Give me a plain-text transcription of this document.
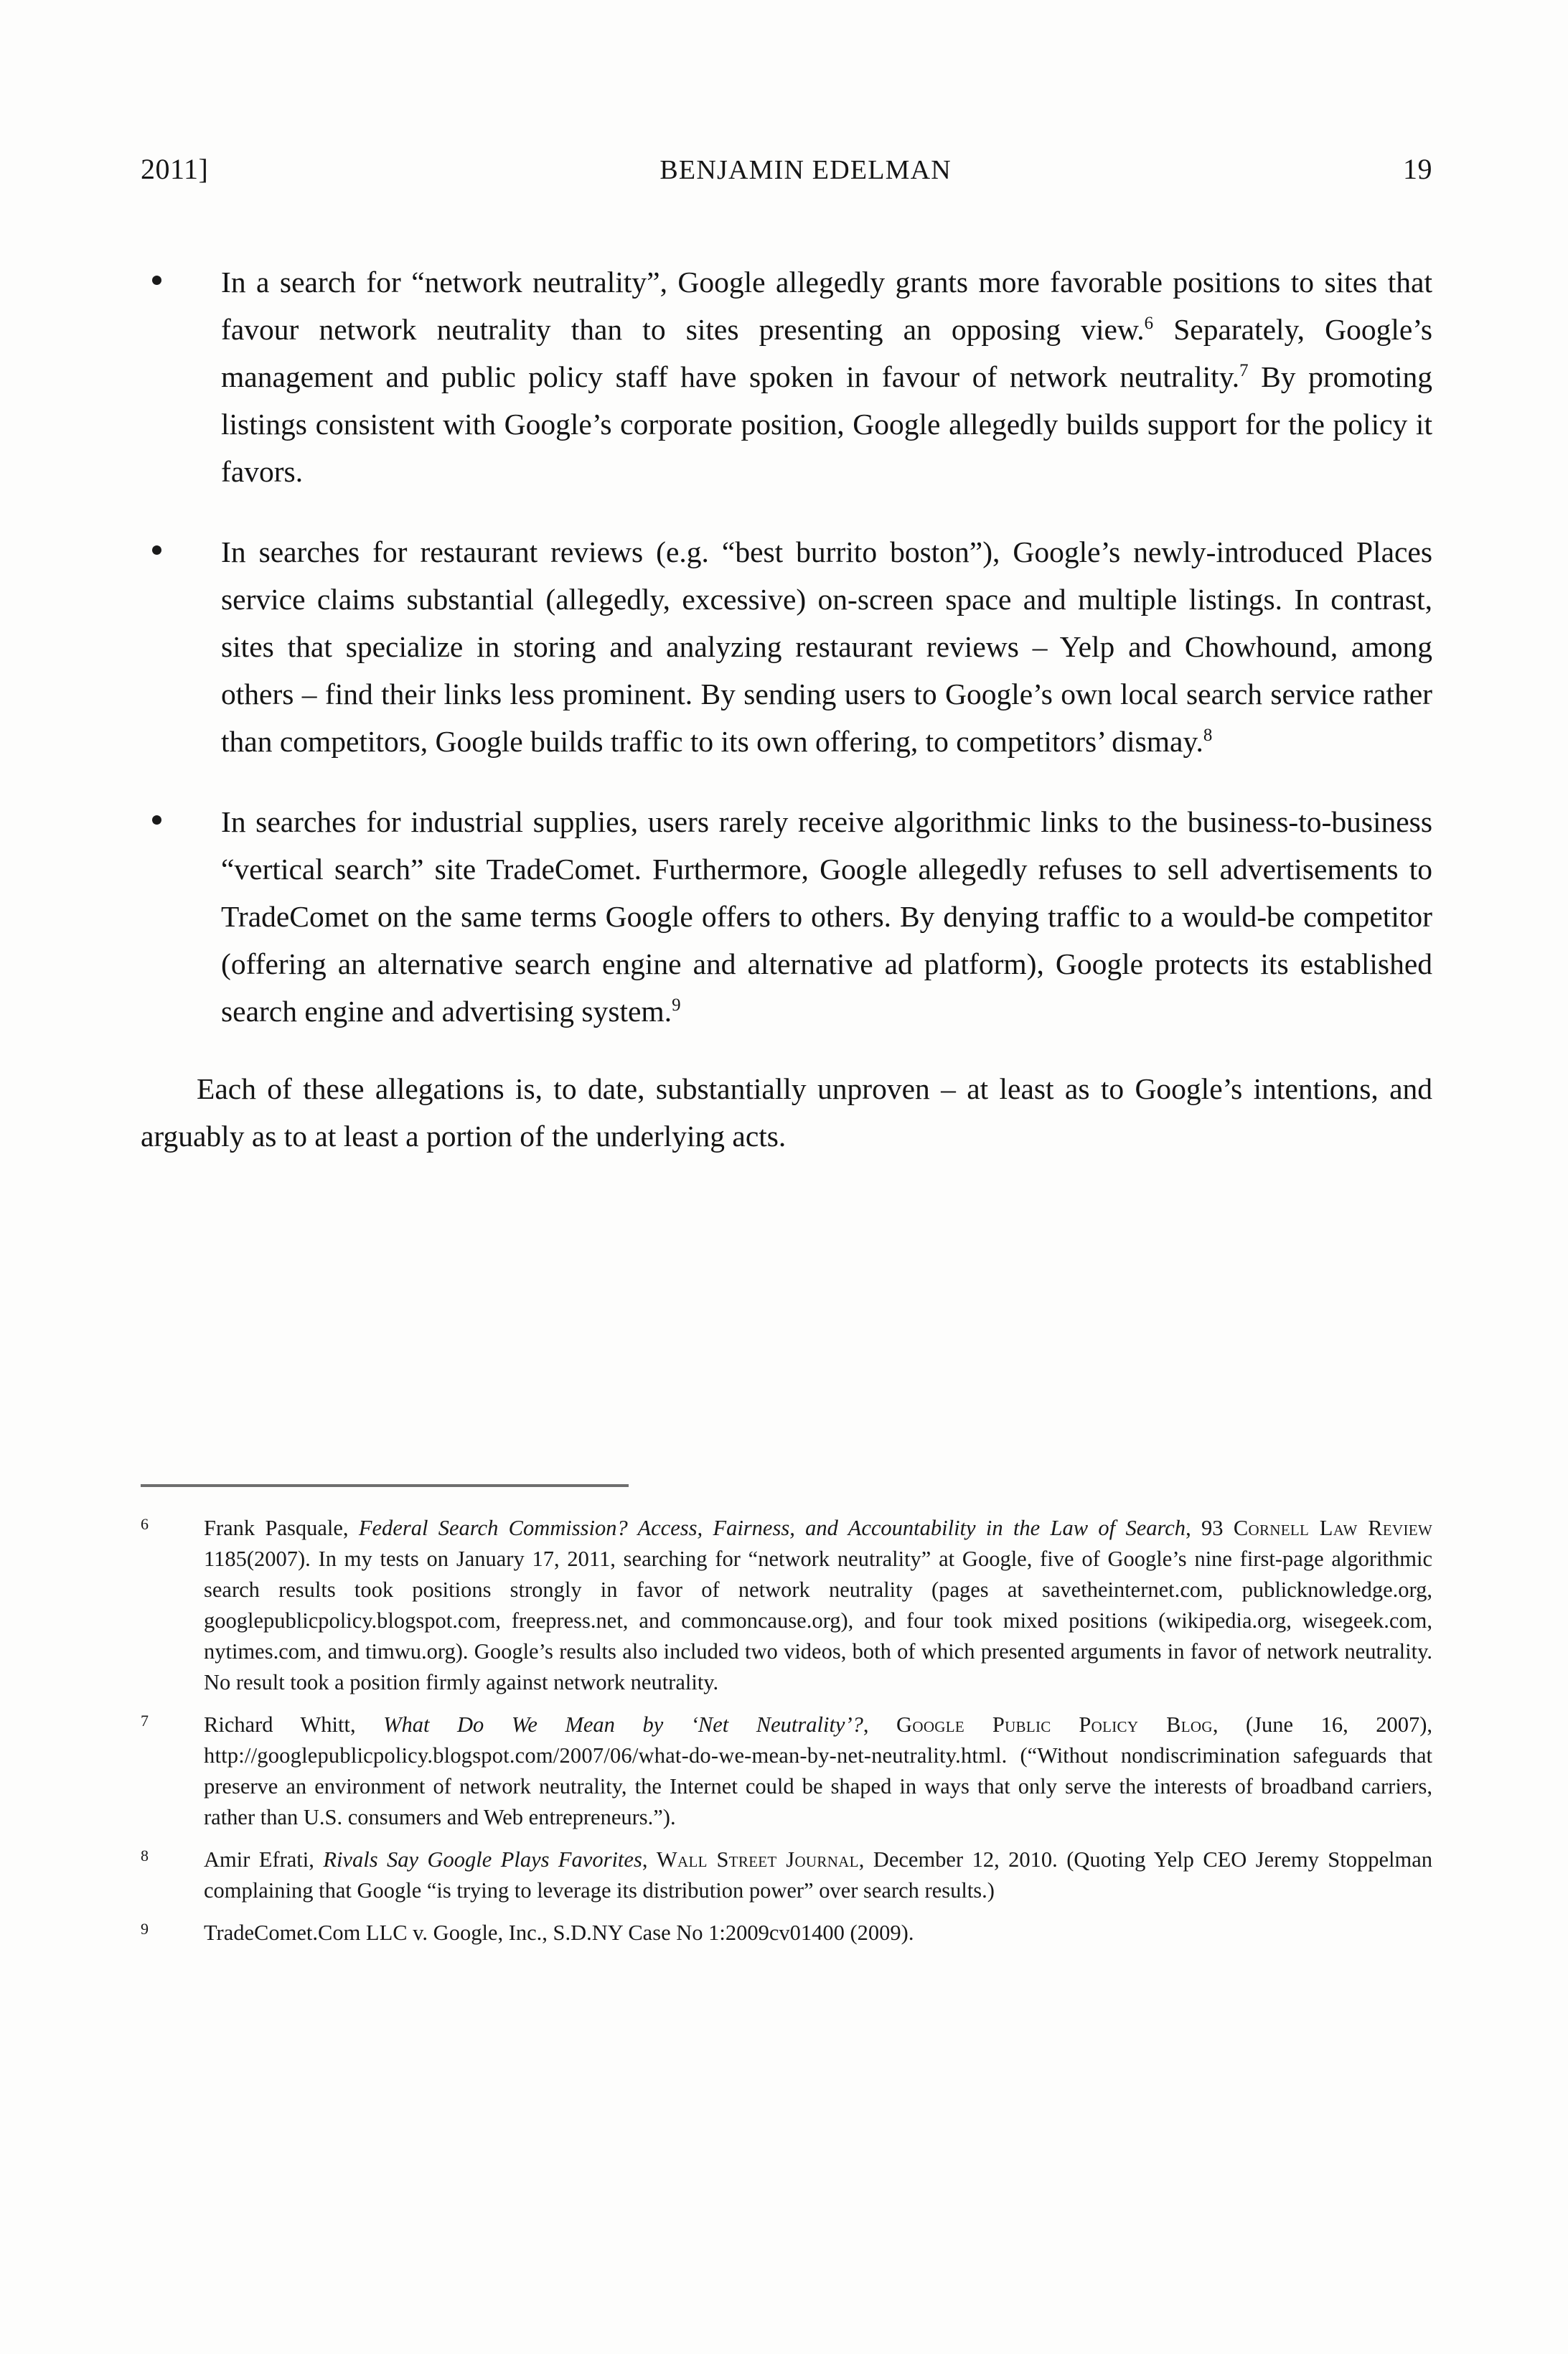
2011]	BENJAMIN EDELMAN	19
In a search for “network neutrality”, Google allegedly grants more favorable positions to sites that favour network neutrality than to sites presenting an opposing view.$^6$ Separately, Google’s management and public policy staff have spoken in favour of network neutrality.$^7$ By promoting listings consistent with Google’s corporate position, Google allegedly builds support for the policy it favors.
In searches for restaurant reviews (e.g. “best burrito boston”), Google’s newly-introduced Places service claims substantial (allegedly, excessive) on-screen space and multiple listings. In contrast, sites that specialize in storing and analyzing restaurant reviews – Yelp and Chowhound, among others – find their links less prominent. By sending users to Google’s own local search service rather than competitors, Google builds traffic to its own offering, to competitors’ dismay.$^8$
In searches for industrial supplies, users rarely receive algorithmic links to the business-to-business “vertical search” site TradeComet. Furthermore, Google allegedly refuses to sell advertisements to TradeComet on the same terms Google offers to others. By denying traffic to a would-be competitor (offering an alternative search engine and alternative ad platform), Google protects its established search engine and advertising system.$^9$

Each of these allegations is, to date, substantially unproven – at least as to Google’s intentions, and arguably as to at least a portion of the underlying acts.

6	Frank Pasquale, Federal Search Commission? Access, Fairness, and Accountability in the Law of Search, 93 Cornell Law Review 1185(2007). In my tests on January 17, 2011, searching for “network neutrality” at Google, five of Google’s nine first-page algorithmic search results took positions strongly in favor of network neutrality (pages at savetheinternet.com, publicknowledge.org, googlepublicpolicy.blogspot.com, freepress.net, and commoncause.org), and four took mixed positions (wikipedia.org, wisegeek.com, nytimes.com, and timwu.org). Google’s results also included two videos, both of which presented arguments in favor of network neutrality. No result took a position firmly against network neutrality.
7	Richard Whitt, What Do We Mean by ‘Net Neutrality’?, Google Public Policy Blog, (June 16, 2007), http://googlepublicpolicy.blogspot.com/2007/06/what-do-we-mean-by-net-neutrality.html. (“Without nondiscrimination safeguards that preserve an environment of network neutrality, the Internet could be shaped in ways that only serve the interests of broadband carriers, rather than U.S. consumers and Web entrepreneurs.”).
8	Amir Efrati, Rivals Say Google Plays Favorites, Wall Street Journal, December 12, 2010. (Quoting Yelp CEO Jeremy Stoppelman complaining that Google “is trying to leverage its distribution power” over search results.)
9	TradeComet.Com LLC v. Google, Inc., S.D.NY Case No 1:2009cv01400 (2009).
